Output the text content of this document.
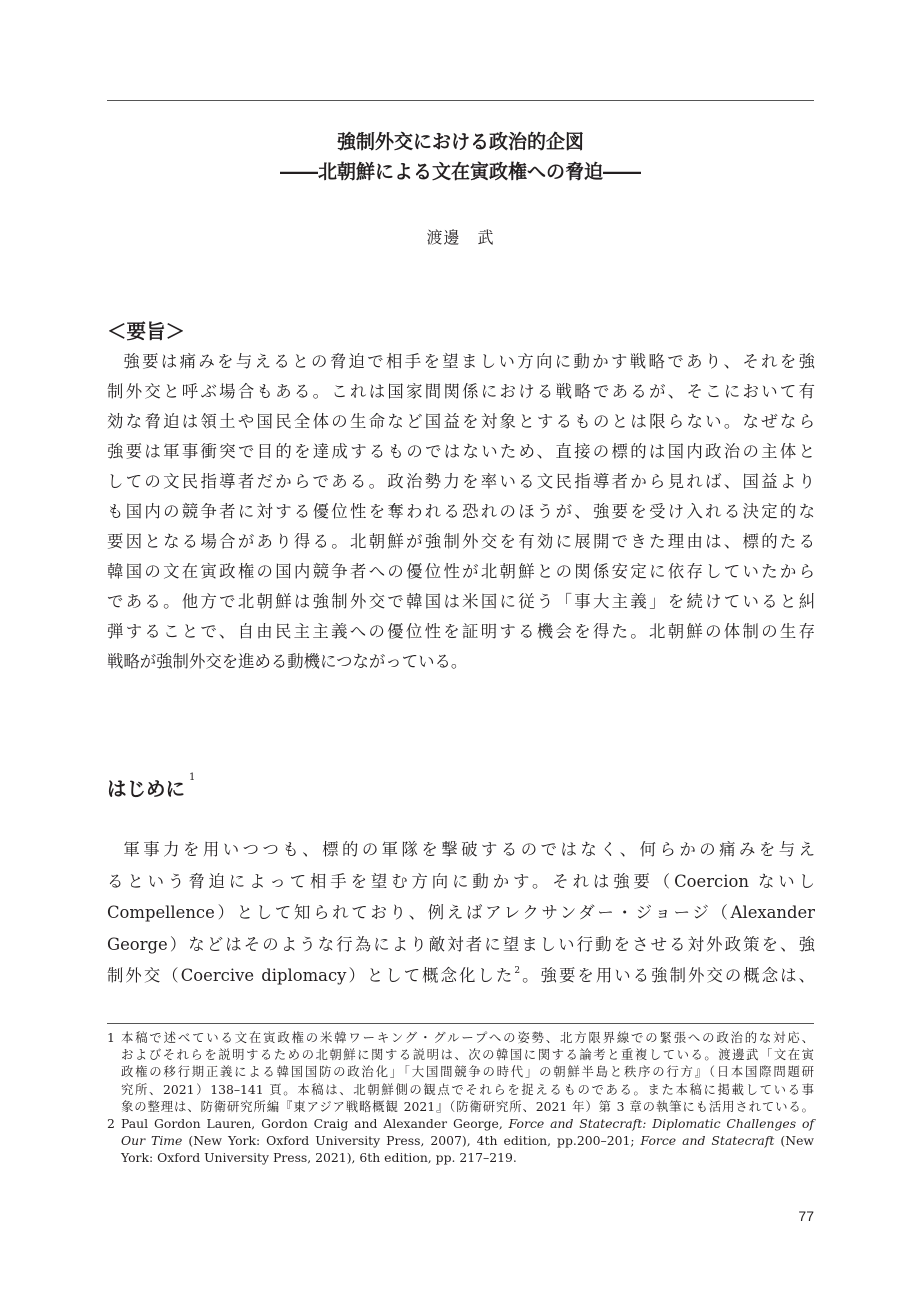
強制外交における政治的企図
――北朝鮮による文在寅政権への脅迫――
渡邊　武
＜要旨＞
強要は痛みを与えるとの脅迫で相手を望ましい方向に動かす戦略であり、それを強
制外交と呼ぶ場合もある。これは国家間関係における戦略であるが、そこにおいて有
効な脅迫は領土や国民全体の生命など国益を対象とするものとは限らない。なぜなら
強要は軍事衝突で目的を達成するものではないため、直接の標的は国内政治の主体と
しての文民指導者だからである。政治勢力を率いる文民指導者から見れば、国益より
も国内の競争者に対する優位性を奪われる恐れのほうが、強要を受け入れる決定的な
要因となる場合があり得る。北朝鮮が強制外交を有効に展開できた理由は、標的たる
韓国の文在寅政権の国内競争者への優位性が北朝鮮との関係安定に依存していたから
である。他方で北朝鮮は強制外交で韓国は米国に従う「事大主義」を続けていると糾
弾することで、自由民主主義への優位性を証明する機会を得た。北朝鮮の体制の生存
戦略が強制外交を進める動機につながっている。
はじめに $^1$
軍事力を用いつつも、標的の軍隊を撃破するのではなく、何らかの痛みを与え
るという脅迫によって相手を望む方向に動かす。それは強要（Coercion ないし
Compellence）として知られており、例えばアレクサンダー・ジョージ（Alexander
George）などはそのような行為により敵対者に望ましい行動をさせる対外政策を、強
制外交（Coercive diplomacy）として概念化した$^2$。強要を用いる強制外交の概念は、
1 本稿で述べている文在寅政権の米韓ワーキング・グループへの姿勢、北方限界線での緊張への政治的な対応、
およびそれらを説明するための北朝鮮に関する説明は、次の韓国に関する論考と重複している。渡邊武「文在寅
政権の移行期正義による韓国国防の政治化」「大国間競争の時代」の朝鮮半島と秩序の行方』（日本国際問題研
究所、2021）138–141 頁。本稿は、北朝鮮側の観点でそれらを捉えるものである。また本稿に掲載している事
象の整理は、防衛研究所編『東アジア戦略概観 2021』（防衛研究所、2021 年）第 3 章の執筆にも活用されている。
2 Paul Gordon Lauren, Gordon Craig and Alexander George, Force and Statecraft: Diplomatic Challenges of
Our Time (New York: Oxford University Press, 2007), 4th edition, pp.200–201; Force and Statecraft (New
York: Oxford University Press, 2021), 6th edition, pp. 217–219.
77
